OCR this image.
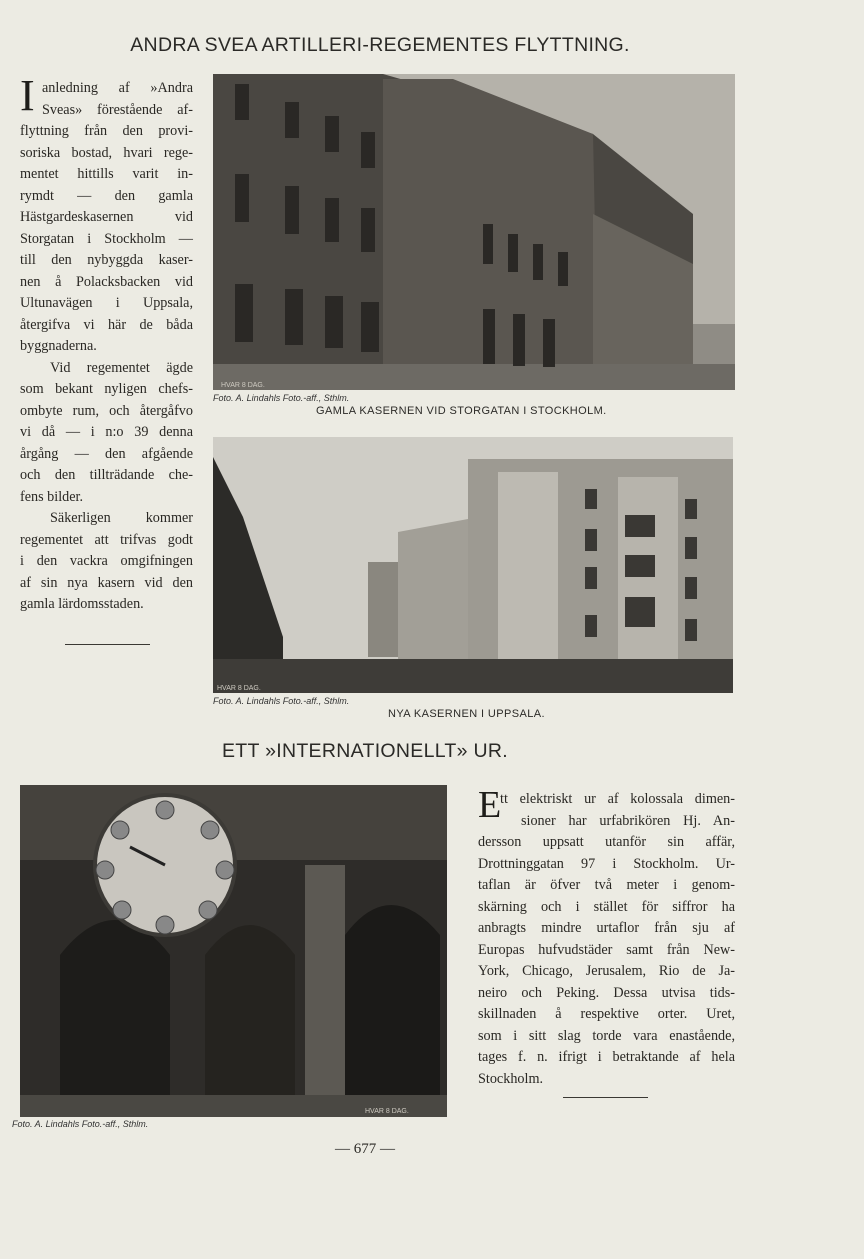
ANDRA SVEA ARTILLERI-REGEMENTES FLYTTNING.
I anledning af »Andra
Sveas» förestående af-
flyttning från den provi-
soriska bostad, hvari rege-
mentet hittills varit in-
rymdt — den gamla
Hästgardeskasernen vid
Storgatan i Stockholm —
till den nybyggda kaser-
nen å Polacksbacken vid
Ultunavägen i Uppsala,
återgifva vi här de båda
byggnaderna.
Vid regementet ägde
som bekant nyligen chefs-
ombyte rum, och återgåfvo
vi då — i n:o 39 denna
årgång — den afgående
och den tillträdande che-
fens bilder.
Säkerligen kommer
regementet att trifvas godt
i den vackra omgifningen
af sin nya kasern vid den
gamla lärdomsstaden.
HVAR 8 DAG.
Foto. A. Lindahls Foto.-aff., Sthlm.
GAMLA KASERNEN VID STORGATAN I STOCKHOLM.
HVAR 8 DAG.
Foto. A. Lindahls Foto.-aff., Sthlm.
NYA KASERNEN I UPPSALA.
ETT »INTERNATIONELLT» UR.
HVAR 8 DAG.
Foto. A. Lindahls Foto.-aff., Sthlm.
E
tt elektriskt ur af kolossala dimen-
sioner har urfabrikören Hj. An-
dersson uppsatt utanför sin affär,
Drottninggatan 97 i Stockholm. Ur-
taflan är öfver två meter i genom-
skärning och i stället för siffror ha
anbragts mindre urtaflor från sju af
Europas hufvudstäder samt från New-
York, Chicago, Jerusalem, Rio de Ja-
neiro och Peking. Dessa utvisa tids-
skillnaden å respektive orter. Uret,
som i sitt slag torde vara enastående,
tages f. n. ifrigt i betraktande af hela
Stockholm.
— 677 —
